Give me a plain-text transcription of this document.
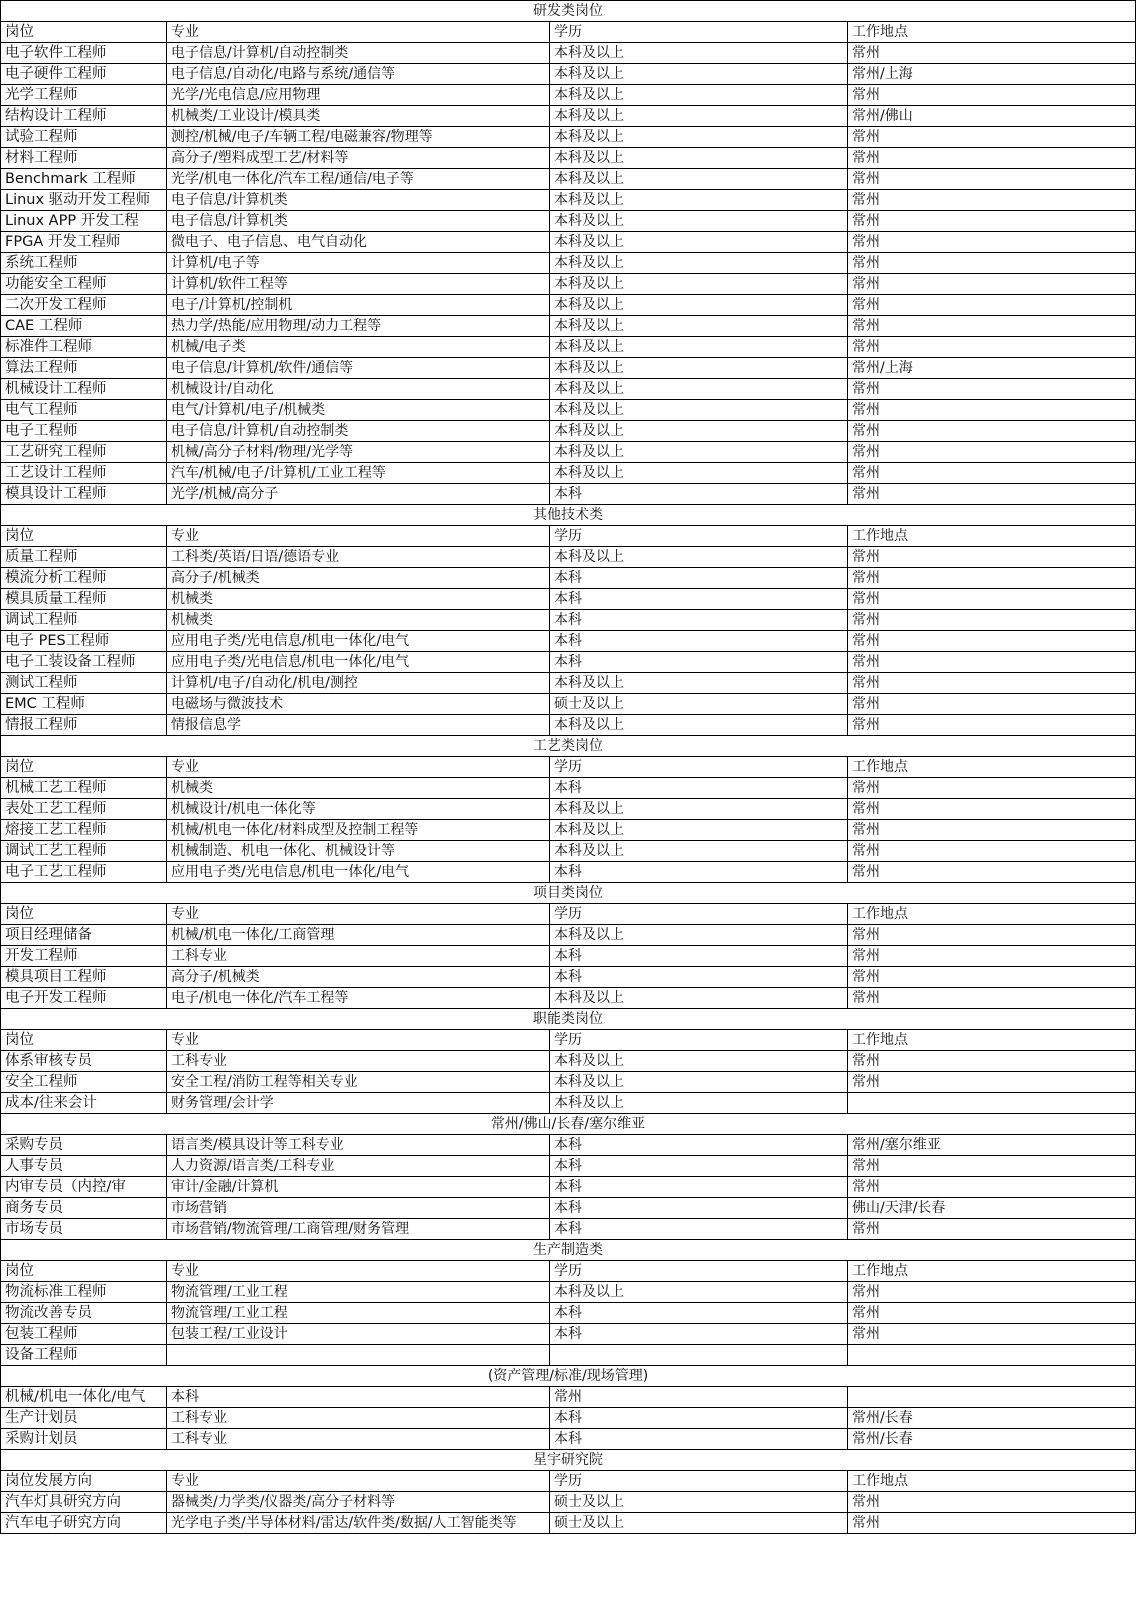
研发类岗位			
岗位	专业	学历	工作地点
电子软件工程师	电子信息/计算机/自动控制类	本科及以上	常州
电子硬件工程师	电子信息/自动化/电路与系统/通信等	本科及以上	常州/上海
光学工程师	光学/光电信息/应用物理	本科及以上	常州
结构设计工程师	机械类/工业设计/模具类	本科及以上	常州/佛山
试验工程师	测控/机械/电子/车辆工程/电磁兼容/物理等	本科及以上	常州
材料工程师	高分子/塑料成型工艺/材料等	本科及以上	常州
Benchmark 工程师	光学/机电一体化/汽车工程/通信/电子等	本科及以上	常州
Linux 驱动开发工程师	电子信息/计算机类	本科及以上	常州
Linux APP 开发工程	电子信息/计算机类	本科及以上	常州
FPGA 开发工程师	微电子、电子信息、电气自动化	本科及以上	常州
系统工程师	计算机/电子等	本科及以上	常州
功能安全工程师	计算机/软件工程等	本科及以上	常州
二次开发工程师	电子/计算机/控制机	本科及以上	常州
CAE 工程师	热力学/热能/应用物理/动力工程等	本科及以上	常州
标准件工程师	机械/电子类	本科及以上	常州
算法工程师	电子信息/计算机/软件/通信等	本科及以上	常州/上海
机械设计工程师	机械设计/自动化	本科及以上	常州
电气工程师	电气/计算机/电子/机械类	本科及以上	常州
电子工程师	电子信息/计算机/自动控制类	本科及以上	常州
工艺研究工程师	机械/高分子材料/物理/光学等	本科及以上	常州
工艺设计工程师	汽车/机械/电子/计算机/工业工程等	本科及以上	常州
模具设计工程师	光学/机械/高分子	本科	常州
其他技术类			
岗位	专业	学历	工作地点
质量工程师	工科类/英语/日语/德语专业	本科及以上	常州
模流分析工程师	高分子/机械类	本科	常州
模具质量工程师	机械类	本科	常州
调试工程师	机械类	本科	常州
电子 PES工程师	应用电子类/光电信息/机电一体化/电气	本科	常州
电子工装设备工程师	应用电子类/光电信息/机电一体化/电气	本科	常州
测试工程师	计算机/电子/自动化/机电/测控	本科及以上	常州
EMC 工程师	电磁场与微波技术	硕士及以上	常州
情报工程师	情报信息学	本科及以上	常州
工艺类岗位			
岗位	专业	学历	工作地点
机械工艺工程师	机械类	本科	常州
表处工艺工程师	机械设计/机电一体化等	本科及以上	常州
熔接工艺工程师	机械/机电一体化/材料成型及控制工程等	本科及以上	常州
调试工艺工程师	机械制造、机电一体化、机械设计等	本科及以上	常州
电子工艺工程师	应用电子类/光电信息/机电一体化/电气	本科	常州
项目类岗位			
岗位	专业	学历	工作地点
项目经理储备	机械/机电一体化/工商管理	本科及以上	常州
开发工程师	工科专业	本科	常州
模具项目工程师	高分子/机械类	本科	常州
电子开发工程师	电子/机电一体化/汽车工程等	本科及以上	常州
职能类岗位			
岗位	专业	学历	工作地点
体系审核专员	工科专业	本科及以上	常州
安全工程师	安全工程/消防工程等相关专业	本科及以上	常州
成本/往来会计	财务管理/会计学	本科及以上	
常州/佛山/长春/塞尔维亚			
采购专员	语言类/模具设计等工科专业	本科	常州/塞尔维亚
人事专员	人力资源/语言类/工科专业	本科	常州
内审专员（内控/审	审计/金融/计算机	本科	常州
商务专员	市场营销	本科	佛山/天津/长春
市场专员	市场营销/物流管理/工商管理/财务管理	本科	常州
生产制造类			
岗位	专业	学历	工作地点
物流标准工程师	物流管理/工业工程	本科及以上	常州
物流改善专员	物流管理/工业工程	本科	常州
包装工程师	包装工程/工业设计	本科	常州
设备工程师			
(资产管理/标准/现场管理)			
机械/机电一体化/电气	本科	常州	
生产计划员	工科专业	本科	常州/长春
采购计划员	工科专业	本科	常州/长春
星宇研究院			
岗位发展方向	专业	学历	工作地点
汽车灯具研究方向	器械类/力学类/仪器类/高分子材料等	硕士及以上	常州
汽车电子研究方向	光学电子类/半导体材料/雷达/软件类/数据/人工智能类等	硕士及以上	常州
